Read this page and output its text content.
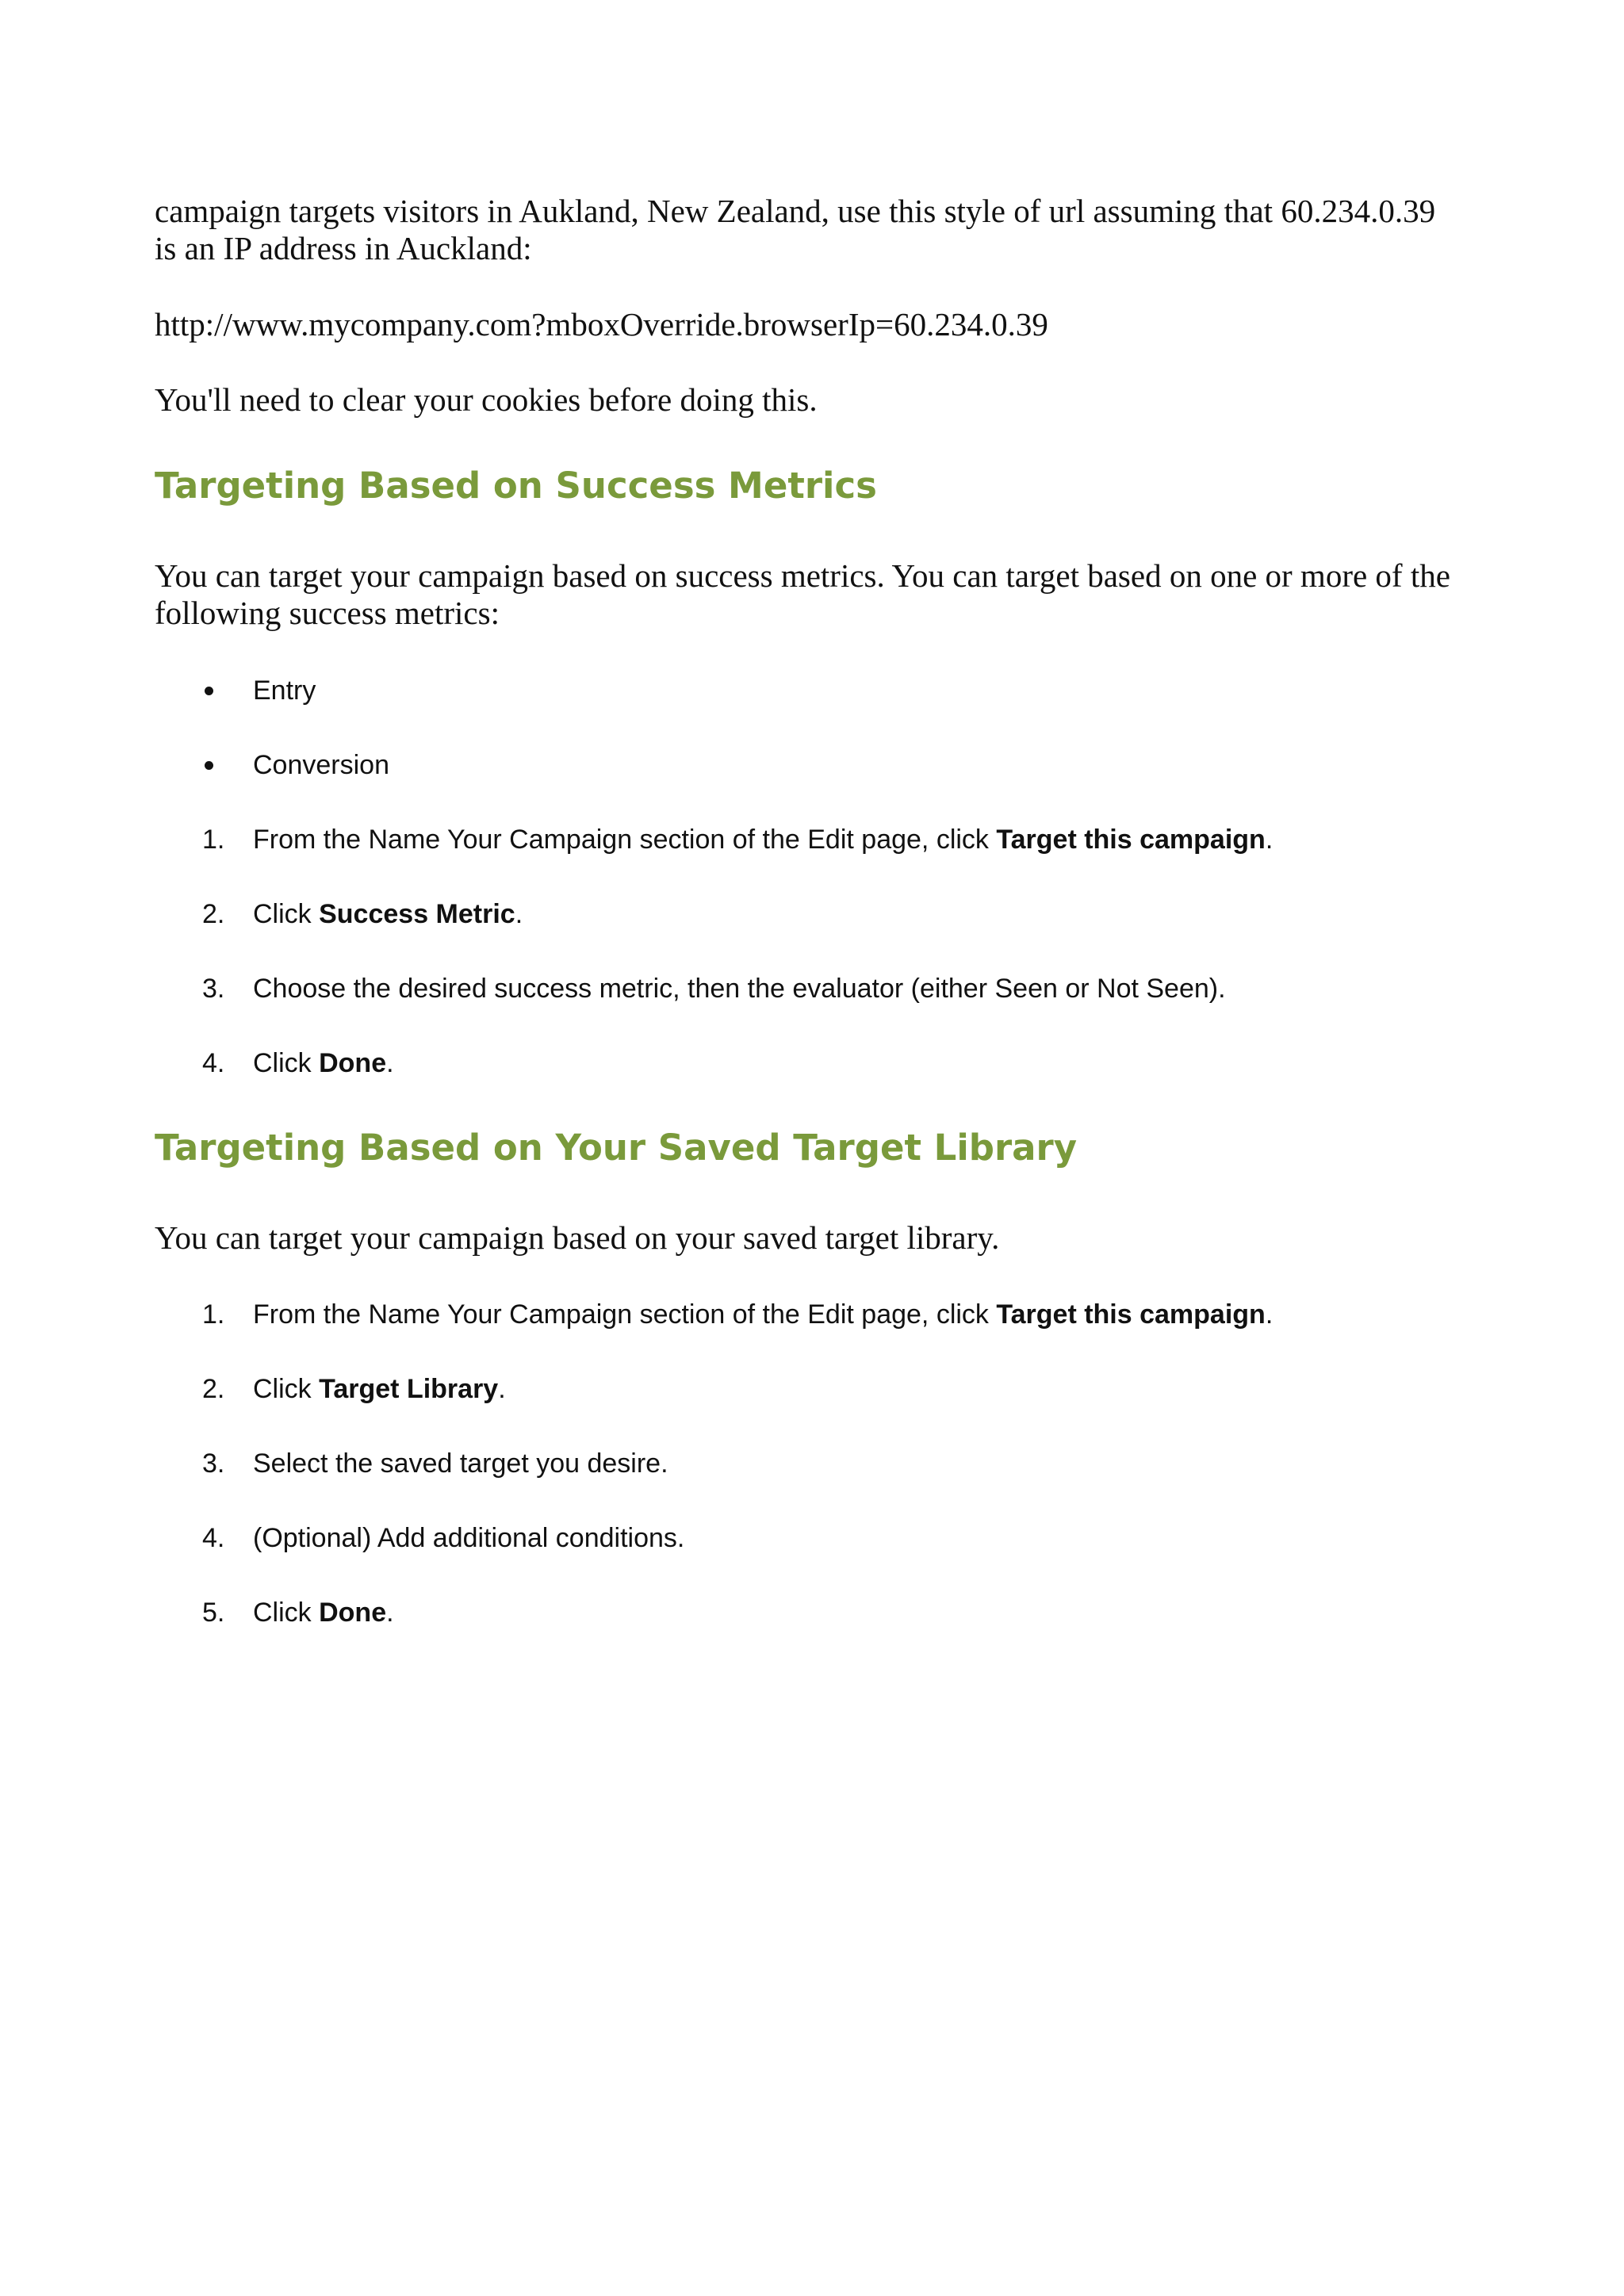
campaign targets visitors in Aukland, New Zealand, use this style of url assuming that 60.234.0.39
is an IP address in Auckland:

http://www.mycompany.com?mboxOverride.browserIp=60.234.0.39

You'll need to clear your cookies before doing this.

Targeting Based on Success Metrics

You can target your campaign based on success metrics. You can target based on one or more of the
following success metrics:

Entry
Conversion
1.	From the Name Your Campaign section of the Edit page, click Target this campaign.
2.	Click Success Metric.
3.	Choose the desired success metric, then the evaluator (either Seen or Not Seen).
4.	Click Done.
Targeting Based on Your Saved Target Library

You can target your campaign based on your saved target library.

1.	From the Name Your Campaign section of the Edit page, click Target this campaign.
2.	Click Target Library.
3.	Select the saved target you desire.
4.	(Optional) Add additional conditions.
5.	Click Done.
